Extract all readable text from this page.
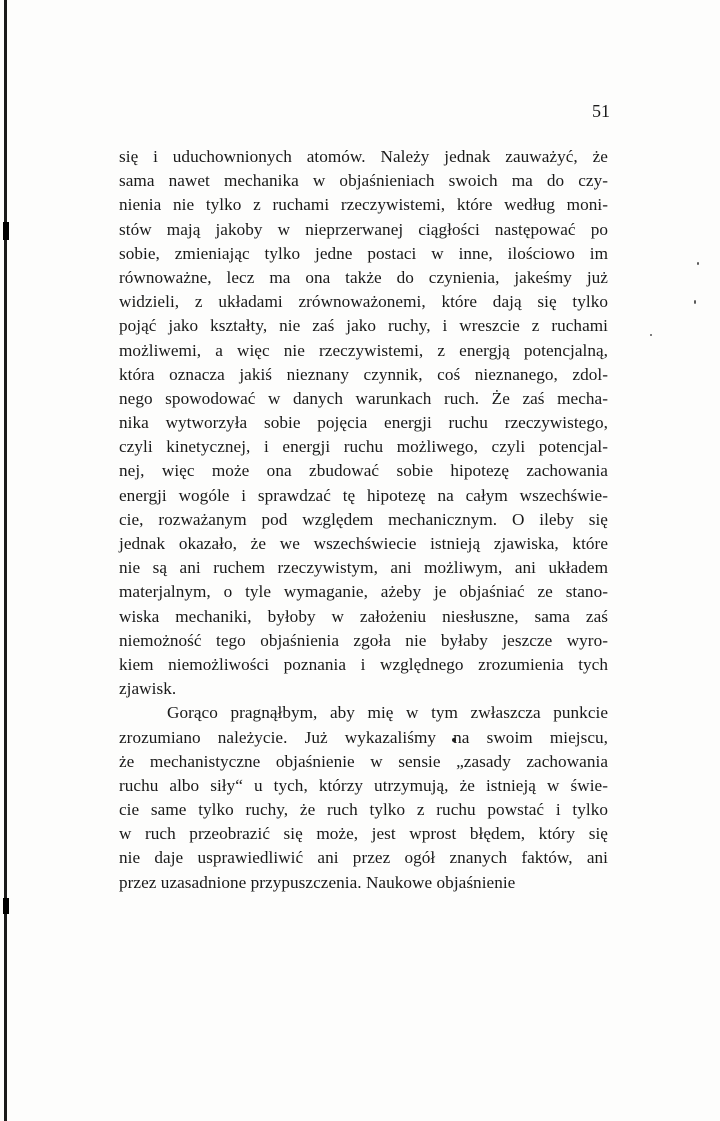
51
się i uduchownionych atomów. Należy jednak zauważyć, że
sama nawet mechanika w objaśnieniach swoich ma do czy-
nienia nie tylko z ruchami rzeczywistemi, które według moni-
stów mają jakoby w nieprzerwanej ciągłości następować po
sobie, zmieniając tylko jedne postaci w inne, ilościowo im
równoważne, lecz ma ona także do czynienia, jakeśmy już
widzieli, z układami zrównoważonemi, które dają się tylko
pojąć jako kształty, nie zaś jako ruchy, i wreszcie z ruchami
możliwemi, a więc nie rzeczywistemi, z energją potencjalną,
która oznacza jakiś nieznany czynnik, coś nieznanego, zdol-
nego spowodować w danych warunkach ruch. Że zaś mecha-
nika wytworzyła sobie pojęcia energji ruchu rzeczywistego,
czyli kinetycznej, i energji ruchu możliwego, czyli potencjal-
nej, więc może ona zbudować sobie hipotezę zachowania
energji wogóle i sprawdzać tę hipotezę na całym wszechświe-
cie, rozważanym pod względem mechanicznym. O ileby się
jednak okazało, że we wszechświecie istnieją zjawiska, które
nie są ani ruchem rzeczywistym, ani możliwym, ani układem
materjalnym, o tyle wymaganie, ażeby je objaśniać ze stano-
wiska mechaniki, byłoby w założeniu niesłuszne, sama zaś
niemożność tego objaśnienia zgoła nie byłaby jeszcze wyro-
kiem niemożliwości poznania i względnego zrozumienia tych
zjawisk.
Gorąco pragnąłbym, aby mię w tym zwłaszcza punkcie
zrozumiano należycie. Już wykazaliśmy na swoim miejscu,
że mechanistyczne objaśnienie w sensie „zasady zachowania
ruchu albo siły“ u tych, którzy utrzymują, że istnieją w świe-
cie same tylko ruchy, że ruch tylko z ruchu powstać i tylko
w ruch przeobrazić się może, jest wprost błędem, który się
nie daje usprawiedliwić ani przez ogół znanych faktów, ani
przez uzasadnione przypuszczenia. Naukowe objaśnienie
